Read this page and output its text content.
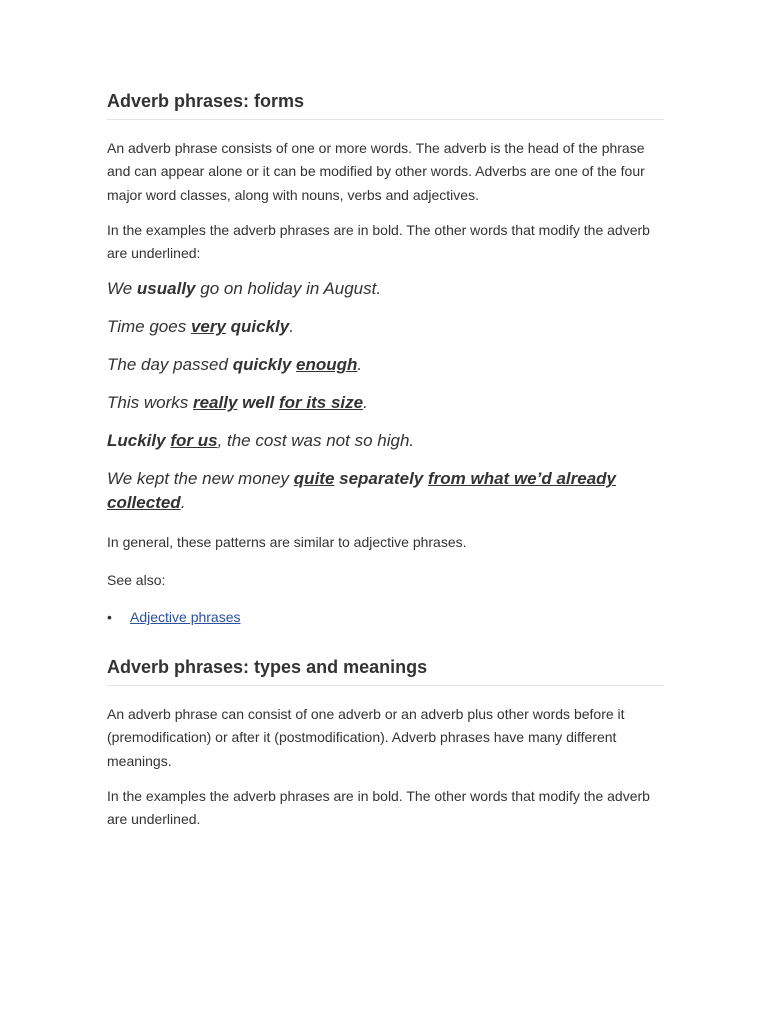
Adverb phrases: forms

An adverb phrase consists of one or more words. The adverb is the head of the phrase and can appear alone or it can be modified by other words. Adverbs are one of the four major word classes, along with nouns, verbs and adjectives.

In the examples the adverb phrases are in bold. The other words that modify the adverb are underlined:

We usually go on holiday in August.

Time goes very quickly.

The day passed quickly enough.

This works really well for its size.

Luckily for us, the cost was not so high.

We kept the new money quite separately from what we’d already collected.

In general, these patterns are similar to adjective phrases.

See also:

• Adjective phrases
Adverb phrases: types and meanings

An adverb phrase can consist of one adverb or an adverb plus other words before it (premodification) or after it (postmodification). Adverb phrases have many different meanings.

In the examples the adverb phrases are in bold. The other words that modify the adverb are underlined.
